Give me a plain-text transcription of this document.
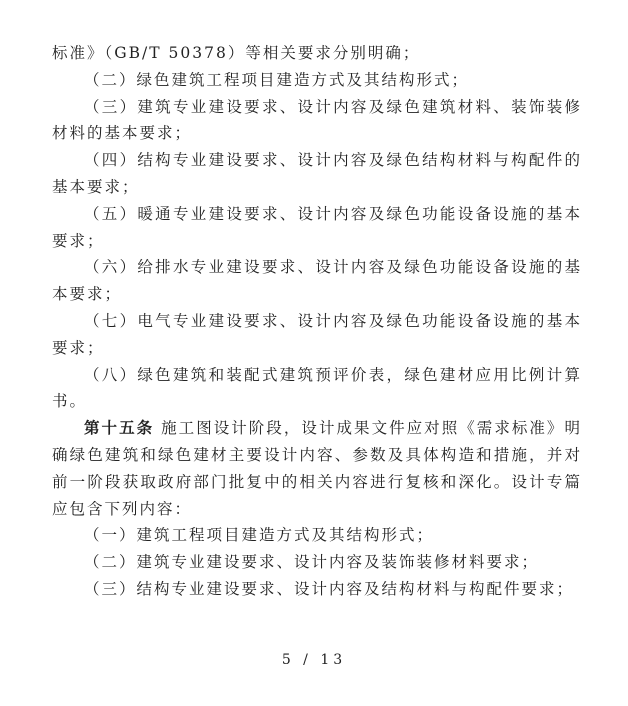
标准》（GB/T 50378）等相关要求分别明确；

（二）绿色建筑工程项目建造方式及其结构形式；

（三）建筑专业建设要求、设计内容及绿色建筑材料、装饰装修材料的基本要求；

（四）结构专业建设要求、设计内容及绿色结构材料与构配件的基本要求；

（五）暖通专业建设要求、设计内容及绿色功能设备设施的基本要求；

（六）给排水专业建设要求、设计内容及绿色功能设备设施的基本要求；

（七）电气专业建设要求、设计内容及绿色功能设备设施的基本要求；

（八）绿色建筑和装配式建筑预评价表，绿色建材应用比例计算书。

第十五条 施工图设计阶段，设计成果文件应对照《需求标准》明确绿色建筑和绿色建材主要设计内容、参数及具体构造和措施，并对前一阶段获取政府部门批复中的相关内容进行复核和深化。设计专篇应包含下列内容：

（一）建筑工程项目建造方式及其结构形式；

（二）建筑专业建设要求、设计内容及装饰装修材料要求；

（三）结构专业建设要求、设计内容及结构材料与构配件要求；

5 / 13
